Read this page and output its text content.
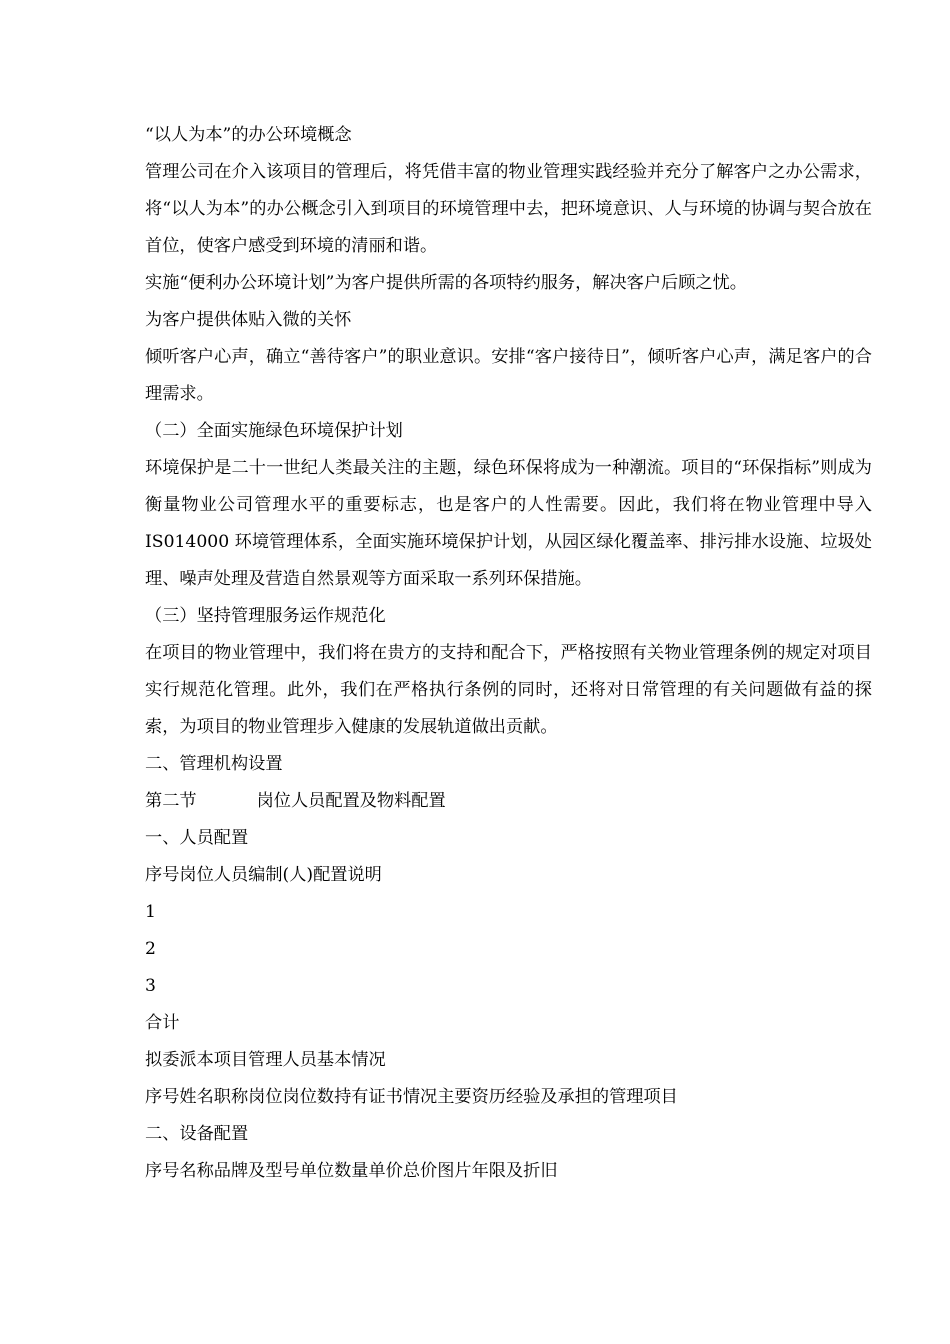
“以人为本”的办公环境概念
管理公司在介入该项目的管理后，将凭借丰富的物业管理实践经验并充分了解客户之办公需求，将“以人为本”的办公概念引入到项目的环境管理中去，把环境意识、人与环境的协调与契合放在首位，使客户感受到环境的清丽和谐。
实施“便利办公环境计划”为客户提供所需的各项特约服务，解决客户后顾之忧。
为客户提供体贴入微的关怀
倾听客户心声，确立“善待客户”的职业意识。安排“客户接待日”，倾听客户心声，满足客户的合理需求。
（二）全面实施绿色环境保护计划
环境保护是二十一世纪人类最关注的主题，绿色环保将成为一种潮流。项目的“环保指标”则成为衡量物业公司管理水平的重要标志，也是客户的人性需要。因此，我们将在物业管理中导入 IS014000 环境管理体系，全面实施环境保护计划，从园区绿化覆盖率、排污排水设施、垃圾处理、噪声处理及营造自然景观等方面采取一系列环保措施。
（三）坚持管理服务运作规范化
在项目的物业管理中，我们将在贵方的支持和配合下，严格按照有关物业管理条例的规定对项目实行规范化管理。此外，我们在严格执行条例的同时，还将对日常管理的有关问题做有益的探索，为项目的物业管理步入健康的发展轨道做出贡献。
二、管理机构设置
第二节	岗位人员配置及物料配置
一、人员配置
序号岗位人员编制(人)配置说明
1
2
3
合计
拟委派本项目管理人员基本情况
序号姓名职称岗位岗位数持有证书情况主要资历经验及承担的管理项目
二、设备配置
序号名称品牌及型号单位数量单价总价图片年限及折旧
